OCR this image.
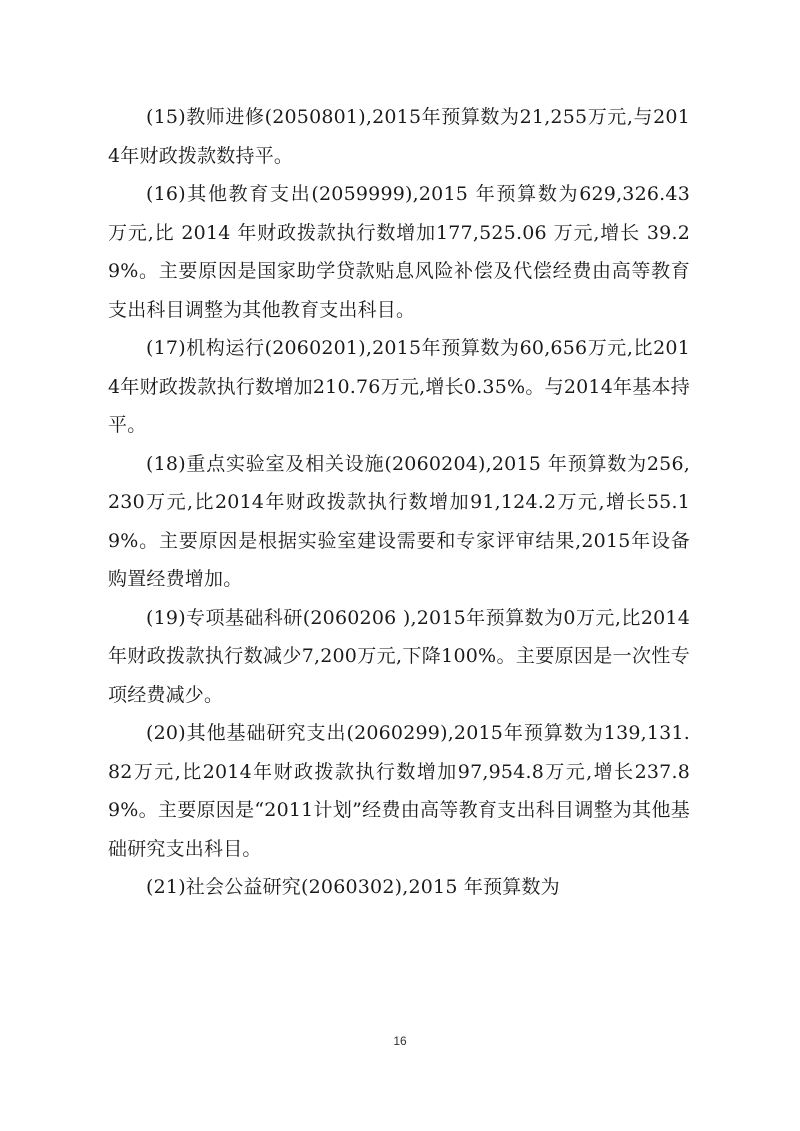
(15)教师进修(2050801),2015年预算数为21,255万元,与2014年财政拨款数持平。

(16)其他教育支出(2059999),2015 年预算数为629,326.43 万元,比 2014 年财政拨款执行数增加177,525.06 万元,增长 39.29%。主要原因是国家助学贷款贴息风险补偿及代偿经费由高等教育支出科目调整为其他教育支出科目。

(17)机构运行(2060201),2015年预算数为60,656万元,比2014年财政拨款执行数增加210.76万元,增长0.35%。与2014年基本持平。

(18)重点实验室及相关设施(2060204),2015 年预算数为256,230万元,比2014年财政拨款执行数增加91,124.2万元,增长55.19%。主要原因是根据实验室建设需要和专家评审结果,2015年设备购置经费增加。

(19)专项基础科研(2060206 ),2015年预算数为0万元,比2014年财政拨款执行数减少7,200万元,下降100%。主要原因是一次性专项经费减少。

(20)其他基础研究支出(2060299),2015年预算数为139,131.82万元,比2014年财政拨款执行数增加97,954.8万元,增长237.89%。主要原因是“2011计划”经费由高等教育支出科目调整为其他基础研究支出科目。

(21)社会公益研究(2060302),2015 年预算数为

16
